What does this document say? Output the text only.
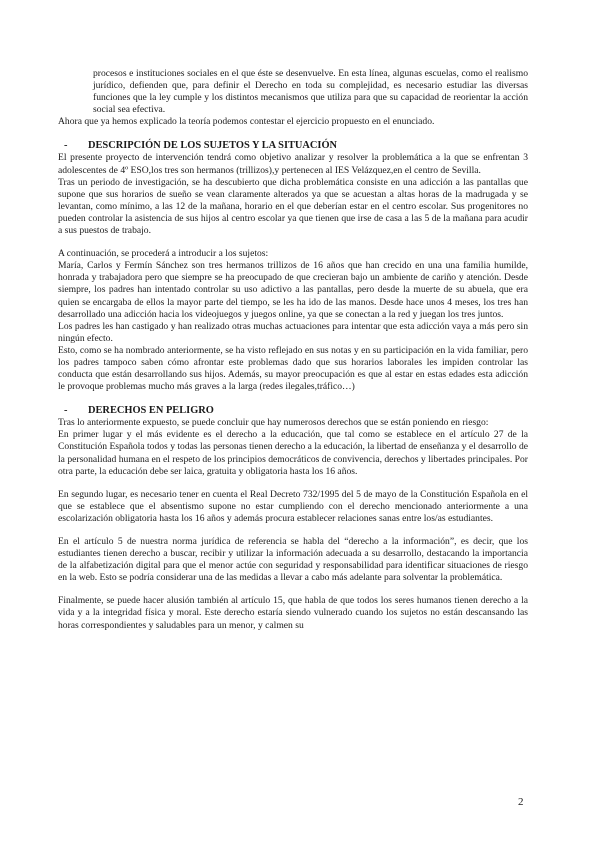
procesos e instituciones sociales en el que éste se desenvuelve. En esta línea, algunas escuelas, como el realismo jurídico, defienden que, para definir el Derecho en toda su complejidad, es necesario estudiar las diversas funciones que la ley cumple y los distintos mecanismos que utiliza para que su capacidad de reorientar la acción social sea efectiva.

Ahora que ya hemos explicado la teoría podemos contestar el ejercicio propuesto en el enunciado.

-	DESCRIPCIÓN DE LOS SUJETOS Y LA SITUACIÓN

El presente proyecto de intervención tendrá como objetivo analizar y resolver la problemática a la que se enfrentan 3 adolescentes de 4º ESO,los tres son hermanos (trillizos),y pertenecen al IES Velázquez,en el centro de Sevilla.

Tras un periodo de investigación, se ha descubierto que dicha problemática consiste en una adicción a las pantallas que supone que sus horarios de sueño se vean claramente alterados ya que se acuestan a altas horas de la madrugada y se levantan, como mínimo, a las 12 de la mañana, horario en el que deberían estar en el centro escolar. Sus progenitores no pueden controlar la asistencia de sus hijos al centro escolar ya que tienen que irse de casa a las 5 de la mañana para acudir a sus puestos de trabajo.

A continuación, se procederá a introducir a los sujetos:

María, Carlos y Fermín Sánchez son tres hermanos trillizos de 16 años que han crecido en una una familia humilde, honrada y trabajadora pero que siempre se ha preocupado de que crecieran bajo un ambiente de cariño y atención. Desde siempre, los padres han intentado controlar su uso adictivo a las pantallas, pero desde la muerte de su abuela, que era quien se encargaba de ellos la mayor parte del tiempo, se les ha ido de las manos. Desde hace unos 4 meses, los tres han desarrollado una adicción hacia los videojuegos y juegos online, ya que se conectan a la red y juegan los tres juntos.

Los padres les han castigado y han realizado otras muchas actuaciones para intentar que esta adicción vaya a más pero sin ningún efecto.

Esto, como se ha nombrado anteriormente, se ha visto reflejado en sus notas y en su participación en la vida familiar, pero los padres tampoco saben cómo afrontar este problemas dado que sus horarios laborales les impiden controlar las conducta que están desarrollando sus hijos. Además, su mayor preocupación es que al estar en estas edades esta adicción le provoque problemas mucho más graves a la larga (redes ilegales,tráfico…)

-	DERECHOS EN PELIGRO

Tras lo anteriormente expuesto, se puede concluir que hay numerosos derechos que se están poniendo en riesgo:

En primer lugar y el más evidente es el derecho a la educación, que tal como se establece en el artículo 27 de la Constitución Española todos y todas las personas tienen derecho a la educación, la libertad de enseñanza y el desarrollo de la personalidad humana en el respeto de los principios democráticos de convivencia, derechos y libertades principales. Por otra parte, la educación debe ser laica, gratuita y obligatoria hasta los 16 años.

En segundo lugar, es necesario tener en cuenta el Real Decreto 732/1995 del 5 de mayo de la Constitución Española en el que se establece que el absentismo supone no estar cumpliendo con el derecho mencionado anteriormente a una escolarización obligatoria hasta los 16 años y además procura establecer relaciones sanas entre los/as estudiantes.

En el artículo 5 de nuestra norma jurídica de referencia se habla del “derecho a la información”, es decir, que los estudiantes tienen derecho a buscar, recibir y utilizar la información adecuada a su desarrollo, destacando la importancia de la alfabetización digital para que el menor actúe con seguridad y responsabilidad para identificar situaciones de riesgo en la web. Esto se podría considerar una de las medidas a llevar a cabo más adelante para solventar la problemática.

Finalmente, se puede hacer alusión también al artículo 15, que habla de que todos los seres humanos tienen derecho a la vida y a la integridad física y moral. Este derecho estaría siendo vulnerado cuando los sujetos no están descansando las horas correspondientes y saludables para un menor, y calmen su

2
